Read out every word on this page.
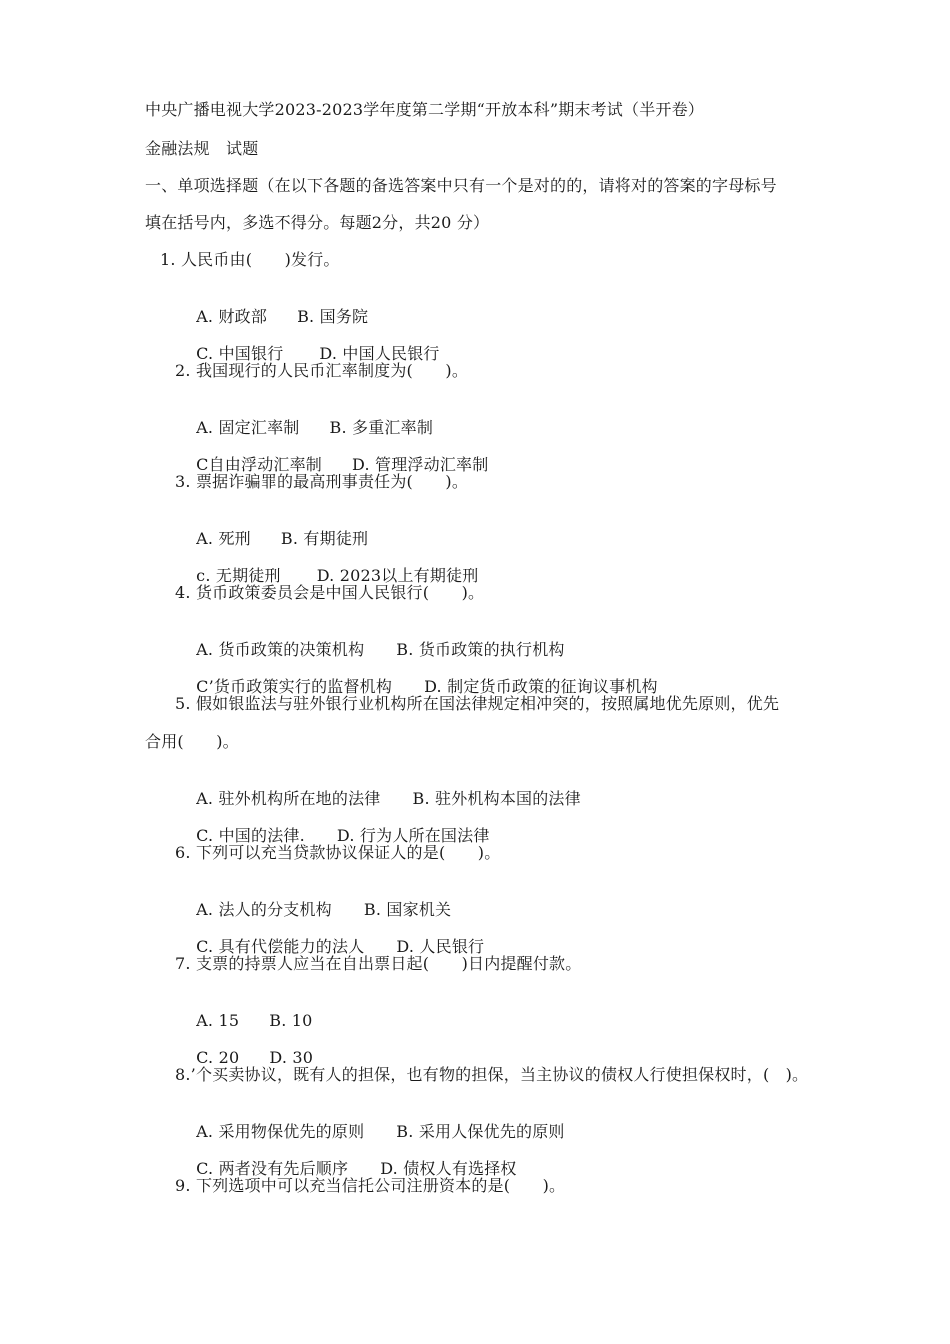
中央广播电视大学2023-2023学年度第二学期“开放本科”期末考试（半开卷）
金融法规　试题
一、单项选择题（在以下各题的备选答案中只有一个是对的的，请将对的答案的字母标号
填在括号内，多选不得分。每题2分，共20 分）
1. 人民币由(　　)发行。

A. 财政部 B. 国务院

C. 中国银行 D. 中国人民银行

2. 我国现行的人民币汇率制度为(　　)。

A. 固定汇率制 B. 多重汇率制

C自由浮动汇率制 D. 管理浮动汇率制

3. 票据诈骗罪的最高刑事责任为(　　)。

A. 死刑 B. 有期徒刑

c. 无期徒刑 D. 2023以上有期徒刑

4. 货币政策委员会是中国人民银行(　　)。

A. 货币政策的决策机构 B. 货币政策的执行机构

C’货币政策实行的监督机构 D. 制定货币政策的征询议事机构

5. 假如银监法与驻外银行业机构所在国法律规定相冲突的，按照属地优先原则，优先
合用(　　)。

A. 驻外机构所在地的法律 B. 驻外机构本国的法律

C. 中国的法律. D. 行为人所在国法律

6. 下列可以充当贷款协议保证人的是(　　)。

A. 法人的分支机构 B. 国家机关

C. 具有代偿能力的法人 D. 人民银行

7. 支票的持票人应当在自出票日起(　　)日内提醒付款。

A. 15 B. 10

C. 20 D. 30

8.’个买卖协议，既有人的担保，也有物的担保，当主协议的债权人行使担保权时，(　)。

A. 采用物保优先的原则 B. 采用人保优先的原则

C. 两者没有先后顺序 D. 债权人有选择权

9. 下列选项中可以充当信托公司注册资本的是(　　)。
